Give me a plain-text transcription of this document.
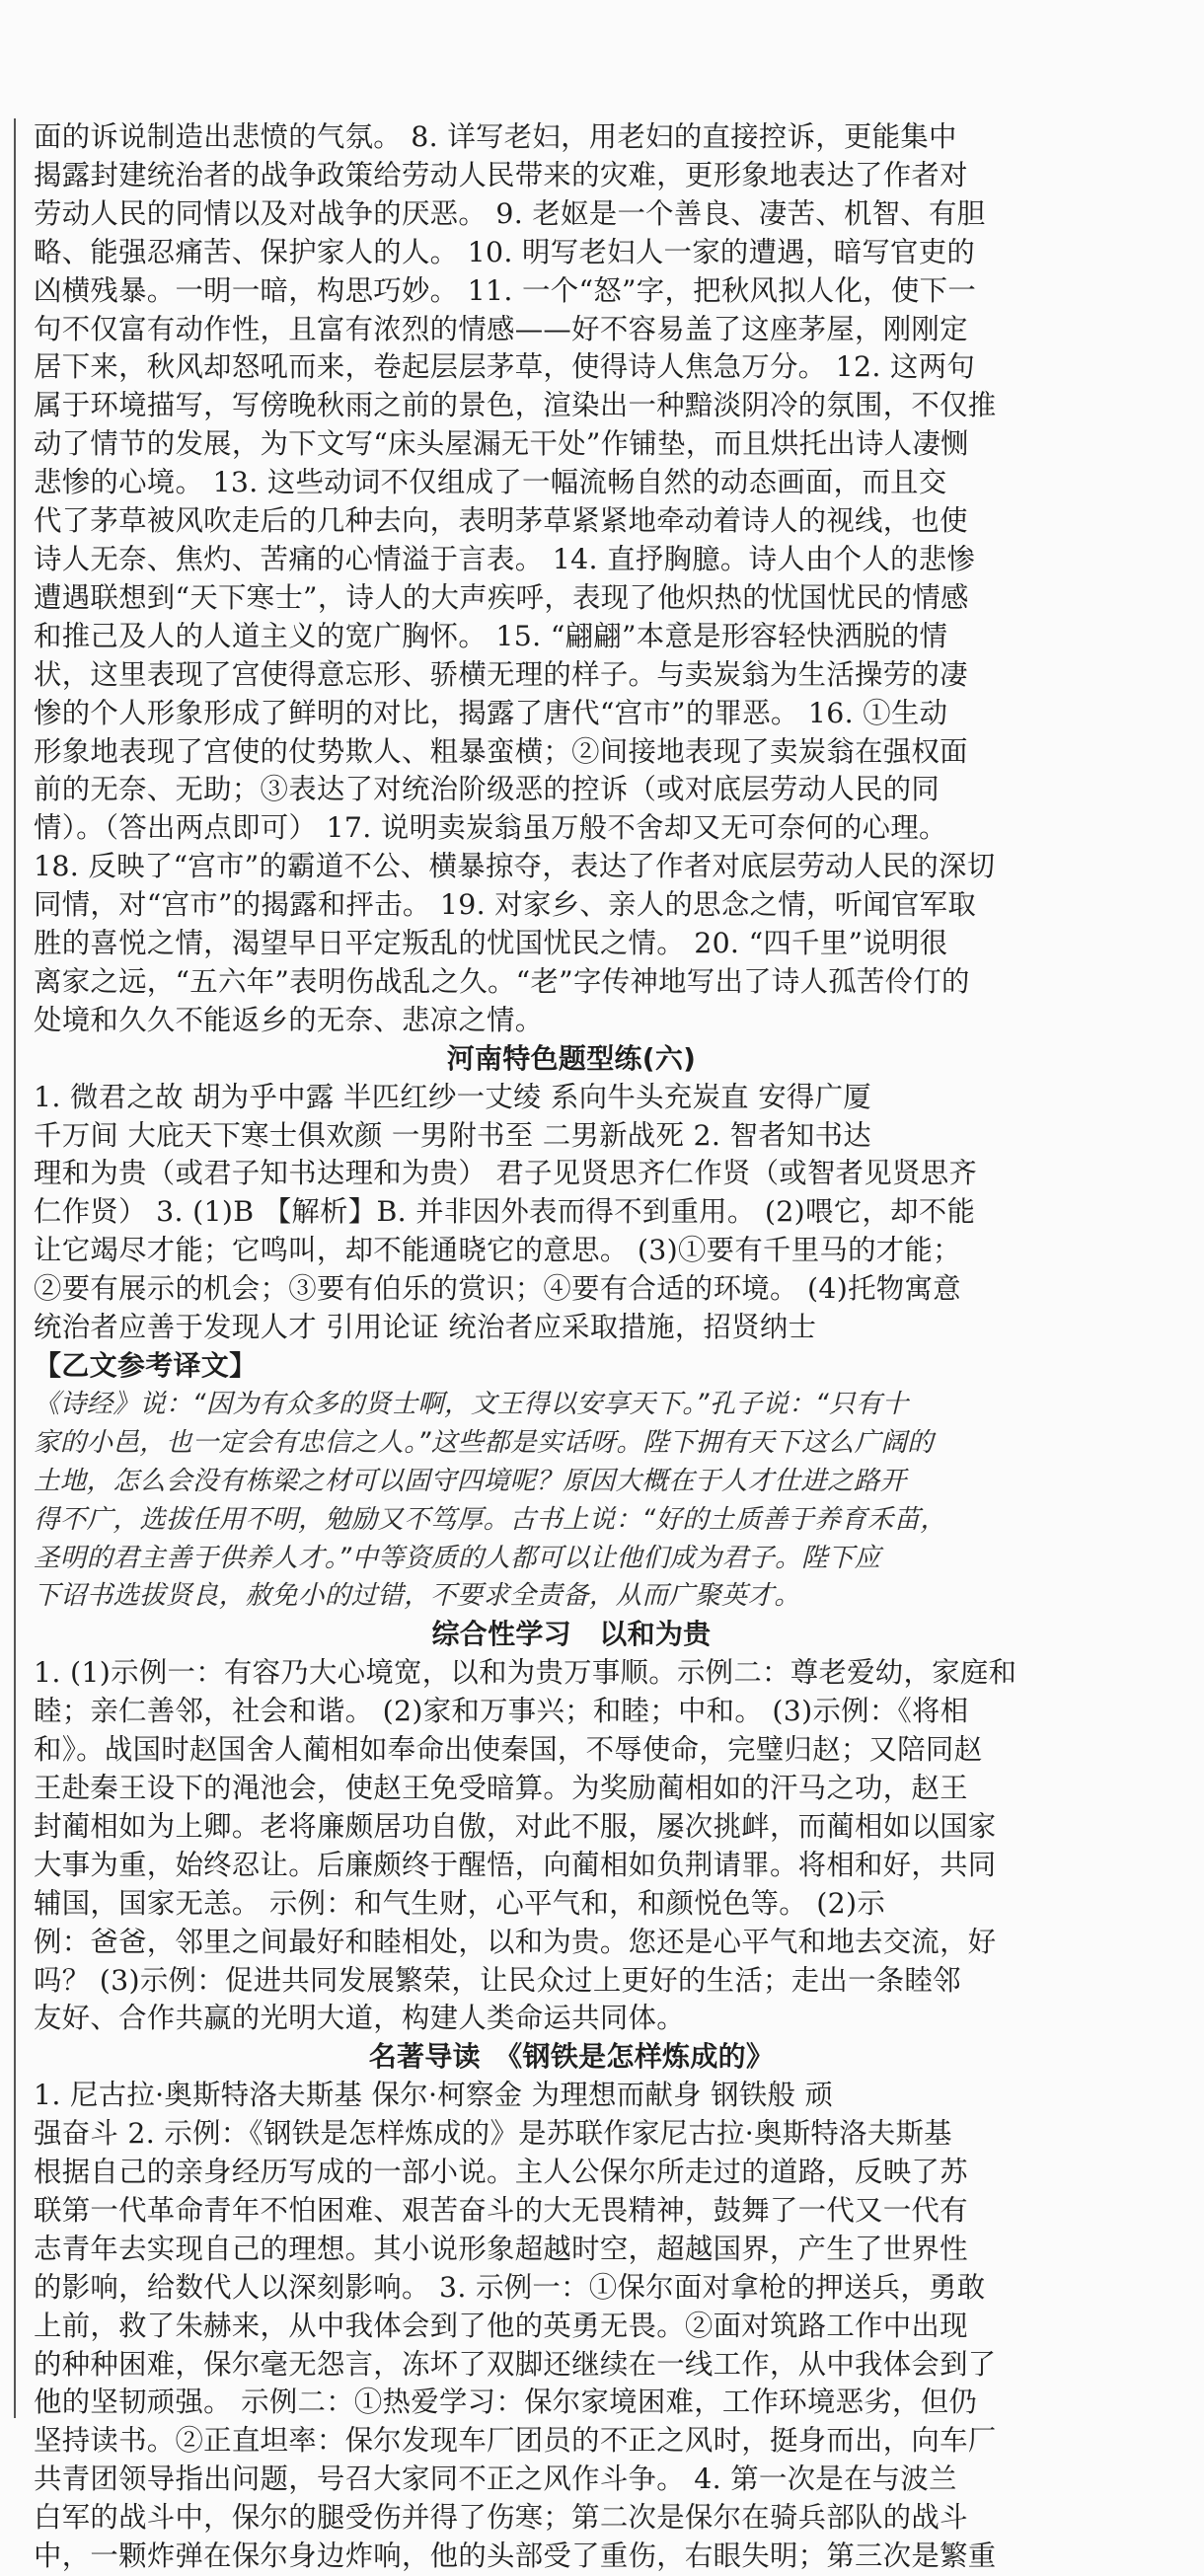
面的诉说制造出悲愤的气氛。 8. 详写老妇，用老妇的直接控诉，更能集中
揭露封建统治者的战争政策给劳动人民带来的灾难，更形象地表达了作者对
劳动人民的同情以及对战争的厌恶。 9. 老妪是一个善良、凄苦、机智、有胆
略、能强忍痛苦、保护家人的人。 10. 明写老妇人一家的遭遇，暗写官吏的
凶横残暴。一明一暗，构思巧妙。 11. 一个“怒”字，把秋风拟人化，使下一
句不仅富有动作性，且富有浓烈的情感——好不容易盖了这座茅屋，刚刚定
居下来，秋风却怒吼而来，卷起层层茅草，使得诗人焦急万分。 12. 这两句
属于环境描写，写傍晚秋雨之前的景色，渲染出一种黯淡阴冷的氛围，不仅推
动了情节的发展，为下文写“床头屋漏无干处”作铺垫，而且烘托出诗人凄恻
悲惨的心境。 13. 这些动词不仅组成了一幅流畅自然的动态画面，而且交
代了茅草被风吹走后的几种去向，表明茅草紧紧地牵动着诗人的视线，也使
诗人无奈、焦灼、苦痛的心情溢于言表。 14. 直抒胸臆。诗人由个人的悲惨
遭遇联想到“天下寒士”，诗人的大声疾呼，表现了他炽热的忧国忧民的情感
和推己及人的人道主义的宽广胸怀。 15. “翩翩”本意是形容轻快洒脱的情
状，这里表现了宫使得意忘形、骄横无理的样子。与卖炭翁为生活操劳的凄
惨的个人形象形成了鲜明的对比，揭露了唐代“宫市”的罪恶。 16. ①生动
形象地表现了宫使的仗势欺人、粗暴蛮横；②间接地表现了卖炭翁在强权面
前的无奈、无助；③表达了对统治阶级恶的控诉（或对底层劳动人民的同
情）。（答出两点即可） 17. 说明卖炭翁虽万般不舍却又无可奈何的心理。
18. 反映了“宫市”的霸道不公、横暴掠夺，表达了作者对底层劳动人民的深切
同情，对“宫市”的揭露和抨击。 19. 对家乡、亲人的思念之情，听闻官军取
胜的喜悦之情，渴望早日平定叛乱的忧国忧民之情。 20. “四千里”说明很
离家之远，“五六年”表明伤战乱之久。“老”字传神地写出了诗人孤苦伶仃的
处境和久久不能返乡的无奈、悲凉之情。
河南特色题型练(六)
1. 微君之故 胡为乎中露 半匹红纱一丈绫 系向牛头充炭直 安得广厦
千万间 大庇天下寒士俱欢颜 一男附书至 二男新战死 2. 智者知书达
理和为贵（或君子知书达理和为贵） 君子见贤思齐仁作贤（或智者见贤思齐
仁作贤） 3. (1)B 【解析】B. 并非因外表而得不到重用。 (2)喂它，却不能
让它竭尽才能；它鸣叫，却不能通晓它的意思。 (3)①要有千里马的才能；
②要有展示的机会；③要有伯乐的赏识；④要有合适的环境。 (4)托物寓意
统治者应善于发现人才 引用论证 统治者应采取措施，招贤纳士
【乙文参考译文】
《诗经》说：“因为有众多的贤士啊，文王得以安享天下。”孔子说：“只有十
家的小邑，也一定会有忠信之人。”这些都是实话呀。陛下拥有天下这么广阔的
土地，怎么会没有栋梁之材可以固守四境呢？原因大概在于人才仕进之路开
得不广，选拔任用不明，勉励又不笃厚。古书上说：“好的土质善于养育禾苗，
圣明的君主善于供养人才。”中等资质的人都可以让他们成为君子。陛下应
下诏书选拔贤良，赦免小的过错，不要求全责备，从而广聚英才。
综合性学习　以和为贵
1. (1)示例一：有容乃大心境宽，以和为贵万事顺。示例二：尊老爱幼，家庭和
睦；亲仁善邻，社会和谐。 (2)家和万事兴；和睦；中和。 (3)示例：《将相
和》。战国时赵国舍人蔺相如奉命出使秦国，不辱使命，完璧归赵；又陪同赵
王赴秦王设下的渑池会，使赵王免受暗算。为奖励蔺相如的汗马之功，赵王
封蔺相如为上卿。老将廉颇居功自傲，对此不服，屡次挑衅，而蔺相如以国家
大事为重，始终忍让。后廉颇终于醒悟，向蔺相如负荆请罪。将相和好，共同
辅国，国家无恙。 示例：和气生财，心平气和，和颜悦色等。 (2)示
例：爸爸，邻里之间最好和睦相处，以和为贵。您还是心平气和地去交流，好
吗？ (3)示例：促进共同发展繁荣，让民众过上更好的生活；走出一条睦邻
友好、合作共赢的光明大道，构建人类命运共同体。
名著导读　《钢铁是怎样炼成的》
1. 尼古拉·奥斯特洛夫斯基 保尔·柯察金 为理想而献身 钢铁般 顽
强奋斗 2. 示例：《钢铁是怎样炼成的》是苏联作家尼古拉·奥斯特洛夫斯基
根据自己的亲身经历写成的一部小说。主人公保尔所走过的道路，反映了苏
联第一代革命青年不怕困难、艰苦奋斗的大无畏精神，鼓舞了一代又一代有
志青年去实现自己的理想。其小说形象超越时空，超越国界，产生了世界性
的影响，给数代人以深刻影响。 3. 示例一：①保尔面对拿枪的押送兵，勇敢
上前，救了朱赫来，从中我体会到了他的英勇无畏。②面对筑路工作中出现
的种种困难，保尔毫无怨言，冻坏了双脚还继续在一线工作，从中我体会到了
他的坚韧顽强。 示例二：①热爱学习：保尔家境困难，工作环境恶劣，但仍
坚持读书。②正直坦率：保尔发现车厂团员的不正之风时，挺身而出，向车厂
共青团领导指出问题，号召大家同不正之风作斗争。 4. 第一次是在与波兰
白军的战斗中，保尔的腿受伤并得了伤寒；第二次是保尔在骑兵部队的战斗
中，一颗炸弹在保尔身边炸响，他的头部受了重伤，右眼失明；第三次是繁重
